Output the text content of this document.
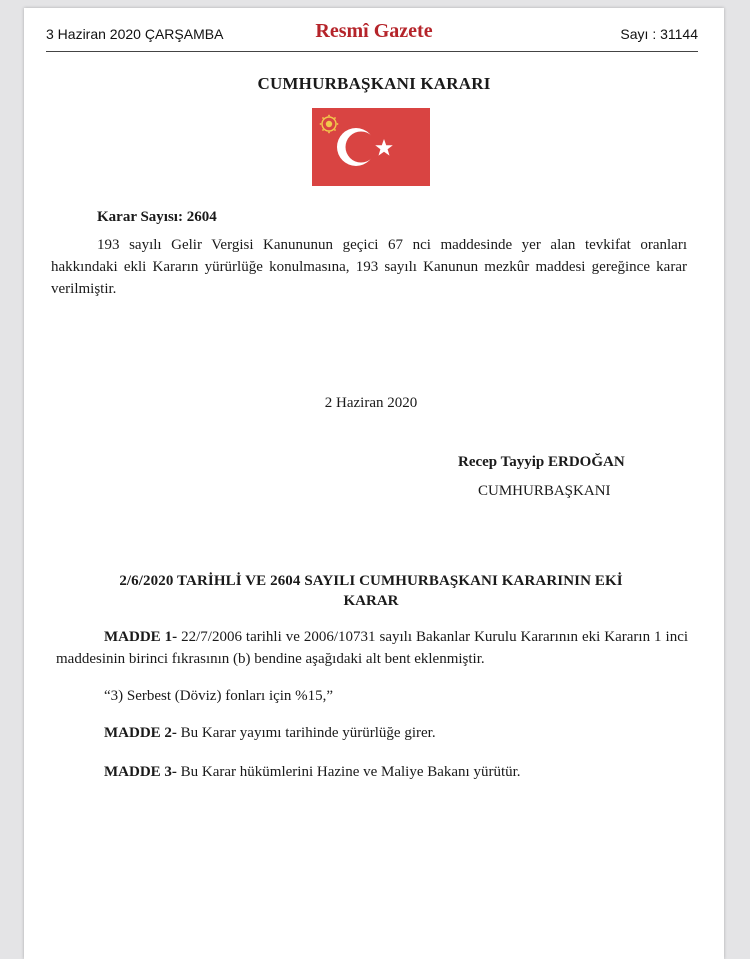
3 Haziran 2020 ÇARŞAMBA	Resmî Gazete	Sayı : 31144
CUMHURBAŞKANI KARARI

Karar Sayısı: 2604

193 sayılı Gelir Vergisi Kanununun geçici 67 nci maddesinde yer alan tevkifat oranları hakkındaki ekli Kararın yürürlüğe konulmasına, 193 sayılı Kanunun mezkûr maddesi gereğince karar verilmiştir.

2 Haziran 2020

Recep Tayyip ERDOĞAN

CUMHURBAŞKANI

2/6/2020 TARİHLİ VE 2604 SAYILI CUMHURBAŞKANI KARARININ EKİ

KARAR

MADDE 1- 22/7/2006 tarihli ve 2006/10731 sayılı Bakanlar Kurulu Kararının eki Kararın 1 inci maddesinin birinci fıkrasının (b) bendine aşağıdaki alt bent eklenmiştir.

“3) Serbest (Döviz) fonları için %15,”

MADDE 2- Bu Karar yayımı tarihinde yürürlüğe girer.

MADDE 3- Bu Karar hükümlerini Hazine ve Maliye Bakanı yürütür.
